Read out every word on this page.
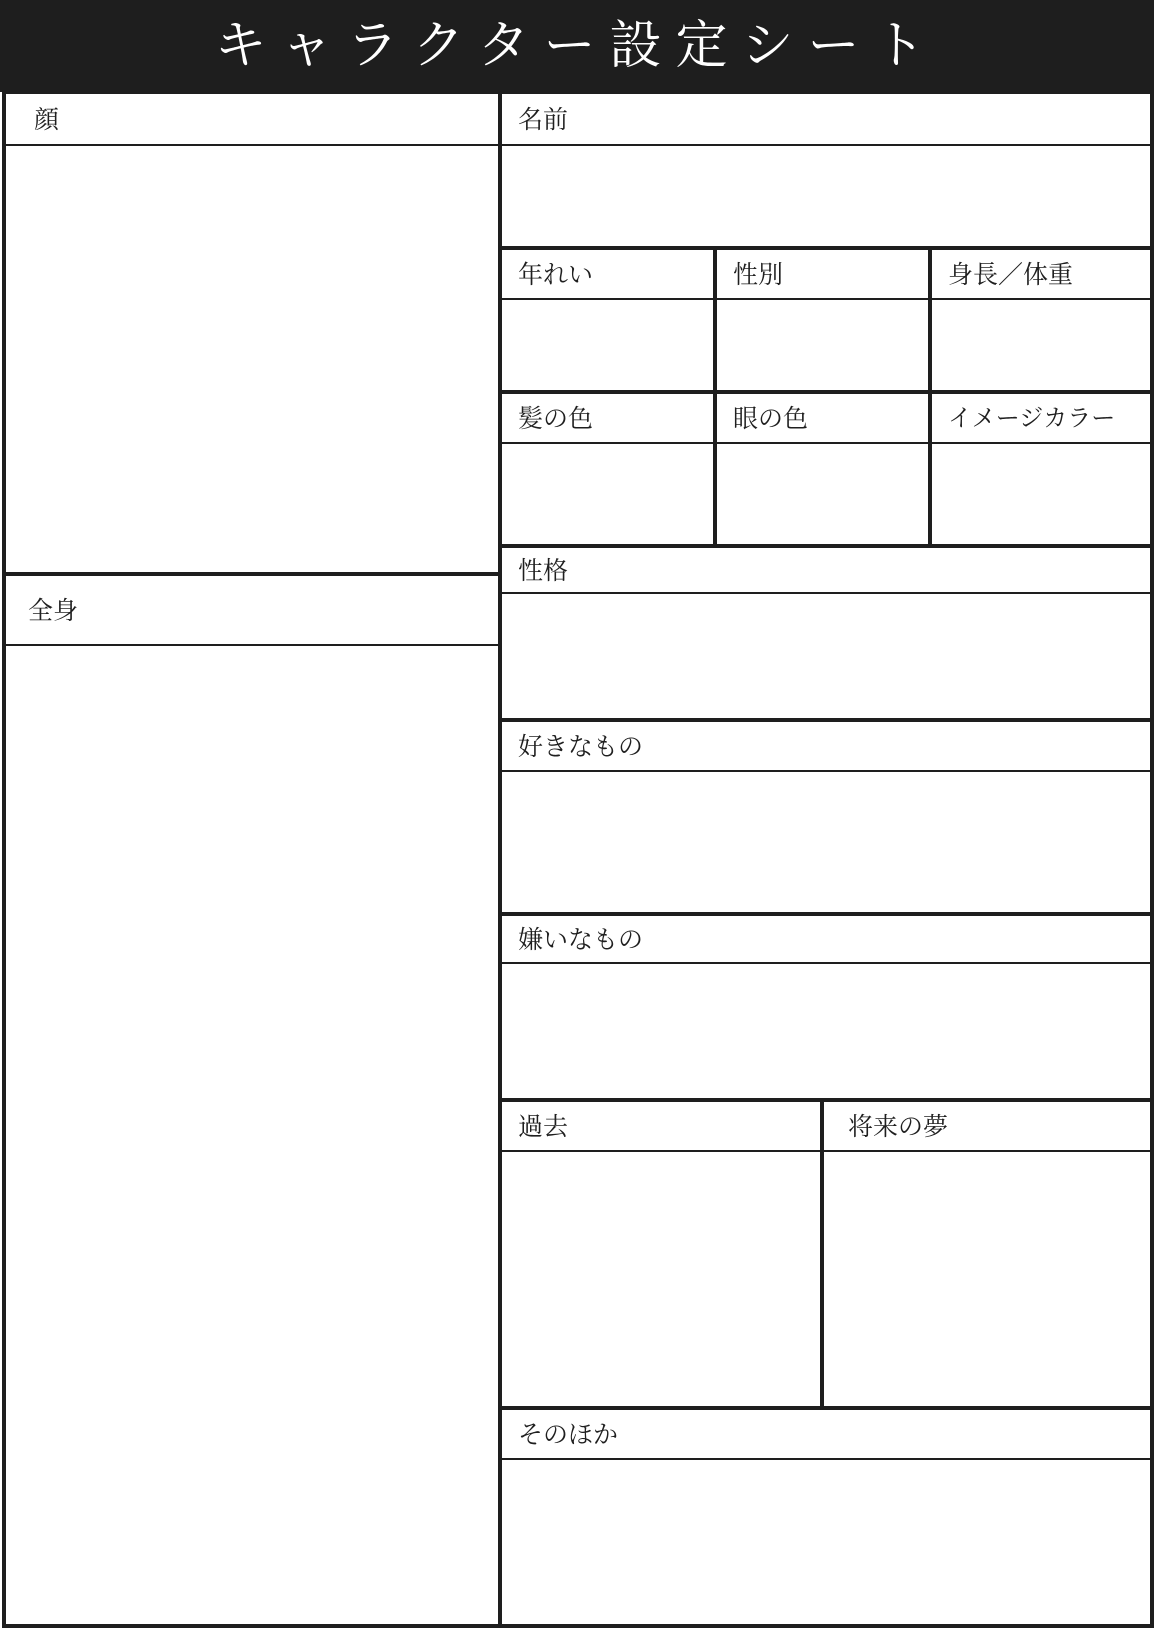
キャラクター設定シート
顔
全身
名前
年れい	性別	身長／体重
髪の色	眼の色	イメージカラー
性格
好きなもの
嫌いなもの
過去	将来の夢
そのほか
